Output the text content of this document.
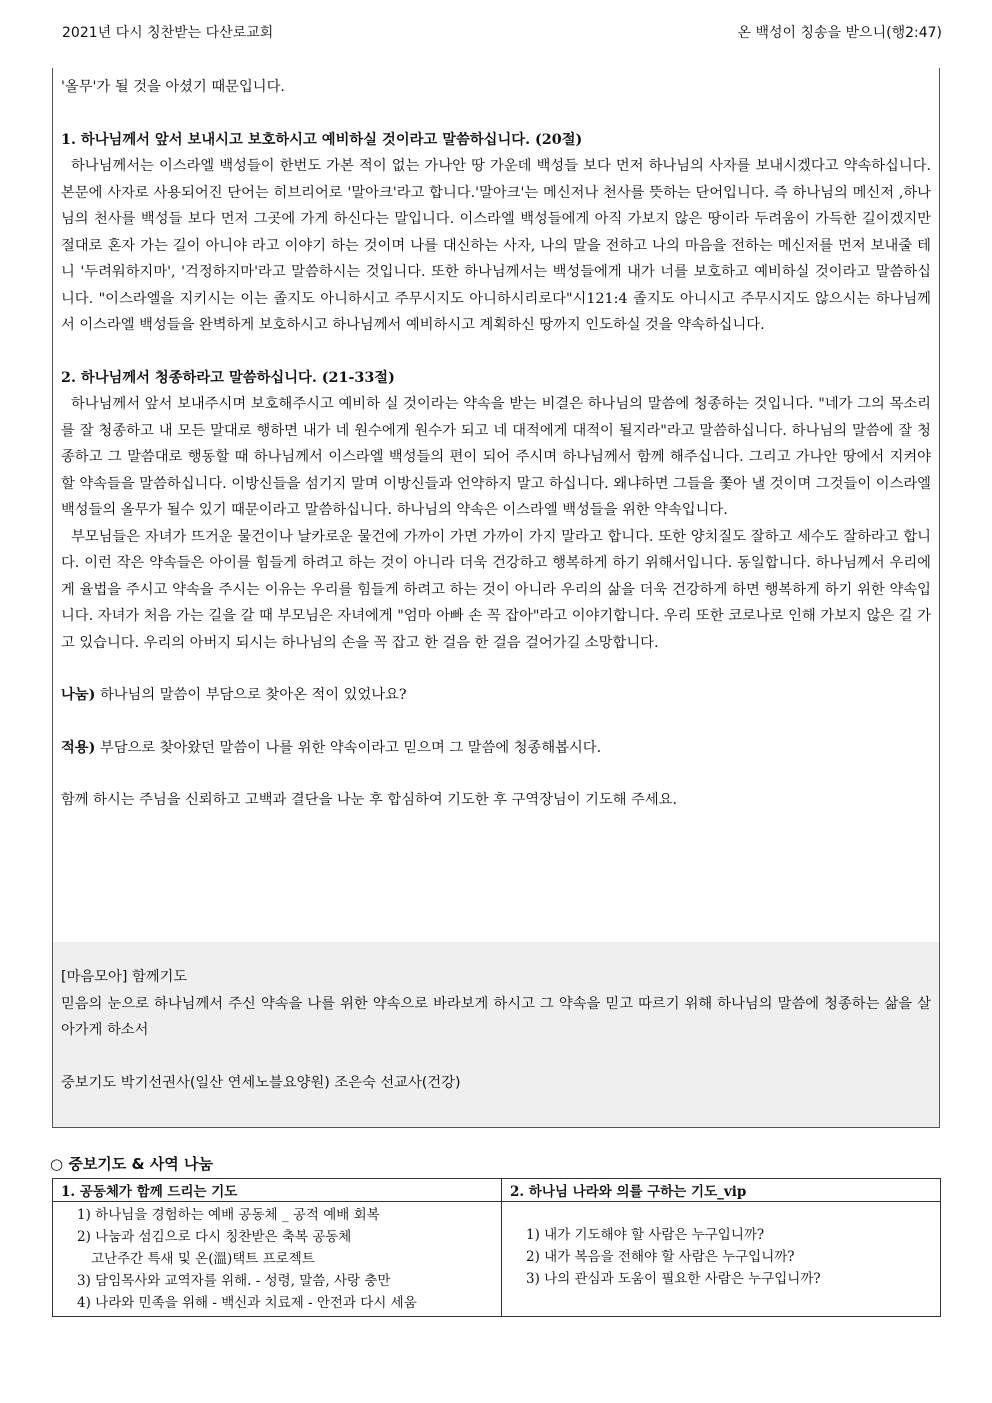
2021년 다시 칭찬받는 다산로교회	온 백성이 칭송을 받으니(행2:47)

'올무'가 될 것을 아셨기 때문입니다.

1. 하나님께서 앞서 보내시고 보호하시고 예비하실 것이라고 말씀하십니다. (20절)

하나님께서는 이스라엘 백성들이 한번도 가본 적이 없는 가나안 땅 가운데 백성들 보다 먼저 하나님의 사자를 보내시겠다고 약속하십니다. 본문에 사자로 사용되어진 단어는 히브리어로 '말아크'라고 합니다.'말아크'는 메신저나 천사를 뜻하는 단어입니다. 즉 하나님의 메신저 ,하나님의 천사를 백성들 보다 먼저 그곳에 가게 하신다는 말입니다. 이스라엘 백성들에게 아직 가보지 않은 땅이라 두려움이 가득한 길이겠지만 절대로 혼자 가는 길이 아니야 라고 이야기 하는 것이며 나를 대신하는 사자, 나의 말을 전하고 나의 마음을 전하는 메신저를 먼저 보내줄 테니 '두려워하지마', '걱정하지마'라고 말씀하시는 것입니다. 또한 하나님께서는 백성들에게 내가 너를 보호하고 예비하실 것이라고 말씀하십니다. "이스라엘을 지키시는 이는 졸지도 아니하시고 주무시지도 아니하시리로다"시121:4 졸지도 아니시고 주무시지도 않으시는 하나님께서 이스라엘 백성들을 완벽하게 보호하시고 하나님께서 예비하시고 계획하신 땅까지 인도하실 것을 약속하십니다.

2. 하나님께서 청종하라고 말씀하십니다. (21-33절)

하나님께서 앞서 보내주시며 보호해주시고 예비하 실 것이라는 약속을 받는 비결은 하나님의 말씀에 청종하는 것입니다. "네가 그의 목소리를 잘 청종하고 내 모든 말대로 행하면 내가 네 원수에게 원수가 되고 네 대적에게 대적이 될지라"라고 말씀하십니다. 하나님의 말씀에 잘 청종하고 그 말씀대로 행동할 때 하나님께서 이스라엘 백성들의 편이 되어 주시며 하나님께서 함께 해주십니다. 그리고 가나안 땅에서 지켜야 할 약속들을 말씀하십니다. 이방신들을 섬기지 말며 이방신들과 언약하지 말고 하십니다. 왜냐하면 그들을 쫓아 낼 것이며 그것들이 이스라엘 백성들의 올무가 될수 있기 때문이라고 말씀하십니다. 하나님의 약속은 이스라엘 백성들을 위한 약속입니다.

부모님들은 자녀가 뜨거운 물건이나 날카로운 물건에 가까이 가면 가까이 가지 말라고 합니다. 또한 양치질도 잘하고 세수도 잘하라고 합니다. 이런 작은 약속들은 아이를 힘들게 하려고 하는 것이 아니라 더욱 건강하고 행복하게 하기 위해서입니다. 동일합니다. 하나님께서 우리에게 율법을 주시고 약속을 주시는 이유는 우리를 힘들게 하려고 하는 것이 아니라 우리의 삶을 더욱 건강하게 하면 행복하게 하기 위한 약속입니다. 자녀가 처음 가는 길을 갈 때 부모님은 자녀에게 "엄마 아빠 손 꼭 잡아"라고 이야기합니다. 우리 또한 코로나로 인해 가보지 않은 길 가고 있습니다. 우리의 아버지 되시는 하나님의 손을 꼭 잡고 한 걸음 한 걸음 걸어가길 소망합니다.

나눔) 하나님의 말씀이 부담으로 찾아온 적이 있었나요?

적용) 부담으로 찾아왔던 말씀이 나를 위한 약속이라고 믿으며 그 말씀에 청종해봅시다.

함께 하시는 주님을 신뢰하고 고백과 결단을 나눈 후 합심하여 기도한 후 구역장님이 기도해 주세요.

[마음모아] 함께기도

믿음의 눈으로 하나님께서 주신 약속을 나를 위한 약속으로 바라보게 하시고 그 약속을 믿고 따르기 위해 하나님의 말씀에 청종하는 삶을 살아가게 하소서

중보기도 박기선권사(일산 연세노블요양원) 조은숙 선교사(건강)

○ 중보기도 & 사역 나눔
1. 공동체가 함께 드리는 기도	2. 하나님 나라와 의를 구하는 기도_vip

1) 하나님을 경험하는 예배 공동체 _ 공적 예배 회복
2) 나눔과 섬김으로 다시 칭찬받은 축복 공동체
고난주간 특새 및 온(溫)택트 프로젝트
3) 담임목사와 교역자를 위해. - 성령, 말씀, 사랑 충만
4) 나라와 민족을 위해 - 백신과 치료제 - 안전과 다시 세움	1) 내가 기도해야 할 사람은 누구입니까?
2) 내가 복음을 전해야 할 사람은 누구입니까?
3) 나의 관심과 도움이 필요한 사람은 누구입니까?
